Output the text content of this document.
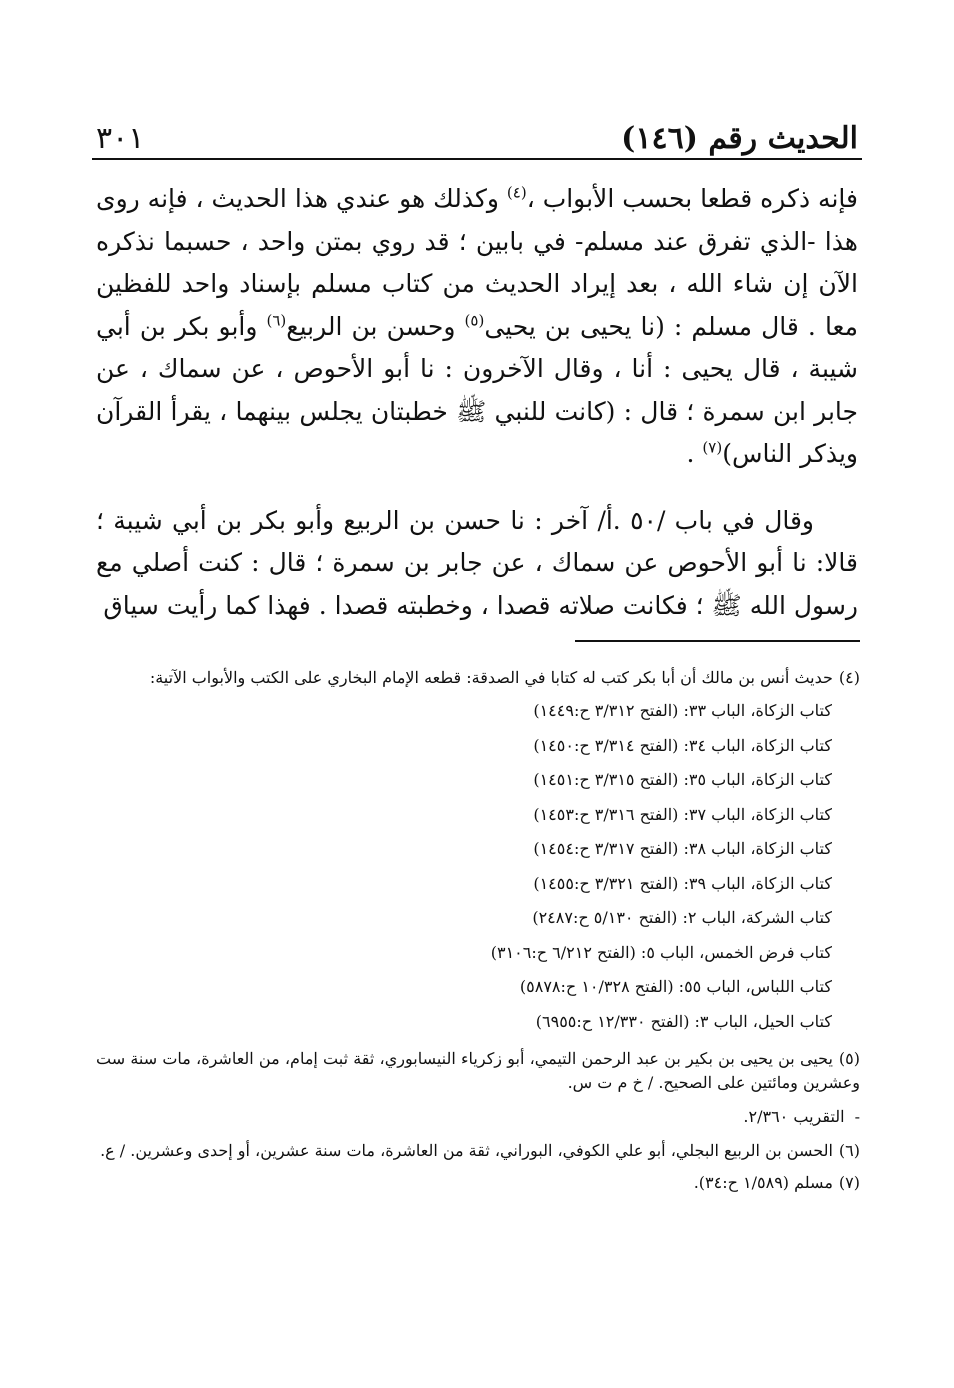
الحديث رقم (١٤٦)
٣٠١

فإنه ذكره قطعا بحسب الأبواب ،$^{(٤)}$ وكذلك هو عندي هذا الحديث ، فإنه روى هذا -الذي تفرق عند مسلم- في بابين ؛ قد روي بمتن واحد ، حسبما نذكره الآن إن شاء الله ، بعد إيراد الحديث من كتاب مسلم بإسناد واحد للفظين معا . قال مسلم : (نا يحيى بن يحيى$^{(٥)}$ وحسن بن الربيع$^{(٦)}$ وأبو بكر بن أبي شيبة ، قال يحيى : أنا ، وقال الآخرون : نا أبو الأحوص ، عن سماك ، عن جابر ابن سمرة ؛ قال : (كانت للنبي ﷺ خطبتان يجلس بينهما ، يقرأ القرآن ويذكر الناس)$^{(٧)}$ .

وقال في باب /٥٠ .أ/ آخر : نا حسن بن الربيع وأبو بكر بن أبي شيبة ؛ قالا: نا أبو الأحوص عن سماك ، عن جابر بن سمرة ؛ قال : كنت أصلي مع رسول الله ﷺ ؛ فكانت صلاته قصدا ، وخطبته قصدا . فهذا كما رأيت سياق

(٤)حديث أنس بن مالك أن أبا بكر كتب له كتابا في الصدقة: قطعه الإمام البخاري على الكتب والأبواب الآتية:
كتاب الزكاة، الباب ٣٣: (الفتح ٣/٣١٢ ح:١٤٤٩)
كتاب الزكاة، الباب ٣٤: (الفتح ٣/٣١٤ ح:١٤٥٠)
كتاب الزكاة، الباب ٣٥: (الفتح ٣/٣١٥ ح:١٤٥١)
كتاب الزكاة، الباب ٣٧: (الفتح ٣/٣١٦ ح:١٤٥٣)
كتاب الزكاة، الباب ٣٨: (الفتح ٣/٣١٧ ح:١٤٥٤)
كتاب الزكاة، الباب ٣٩: (الفتح ٣/٣٢١ ح:١٤٥٥)
كتاب الشركة، الباب ٢: (الفتح ٥/١٣٠ ح:٢٤٨٧)
كتاب فرض الخمس، الباب ٥: (الفتح ٦/٢١٢ ح:٣١٠٦)
كتاب اللباس، الباب ٥٥: (الفتح ١٠/٣٢٨ ح:٥٨٧٨)
كتاب الحيل، الباب ٣: (الفتح ١٢/٣٣٠ ح:٦٩٥٥)
(٥)يحيى بن يحيى بن بكير بن عبد الرحمن التيمي، أبو زكرياء النيسابوري، ثقة ثبت إمام، من العاشرة، مات سنة ست وعشرين ومائتين على الصحيح. / خ م ت س.
-التقريب ٢/٣٦٠.
(٦)الحسن بن الربيع البجلي، أبو علي الكوفي، البوراني، ثقة من العاشرة، مات سنة عشرين، أو إحدى وعشرين. / ع.
(٧)مسلم (١/٥٨٩ ح:٣٤).
